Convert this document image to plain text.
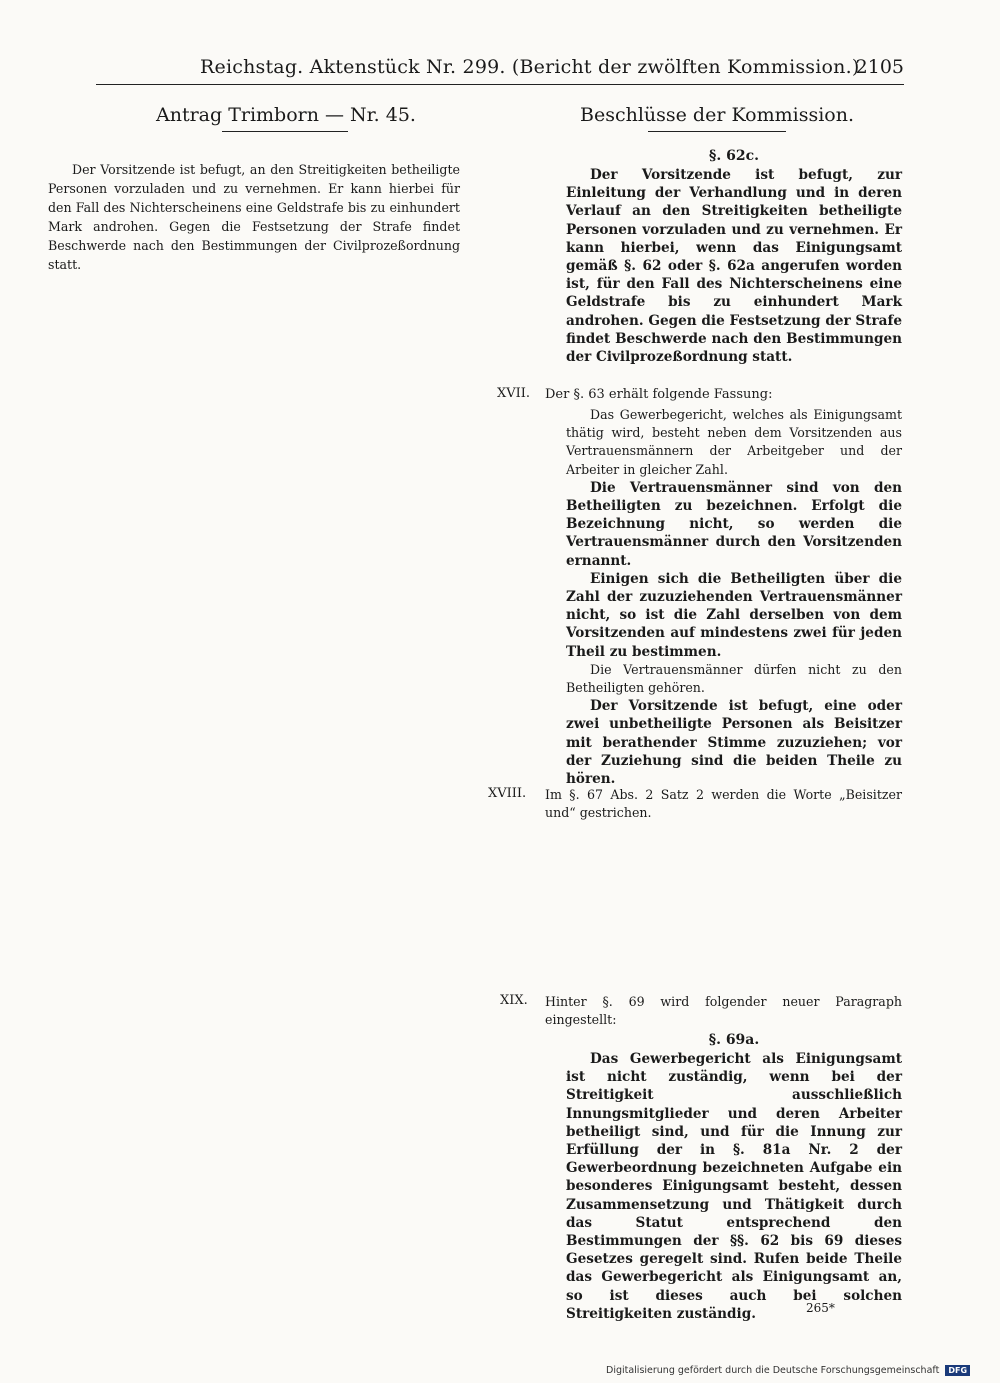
Reichstag. Aktenstück Nr. 299. (Bericht der zwölften Kommission.)
2105
Antrag Trimborn — Nr. 45.	Beschlüsse der Kommission.

Der Vorsitzende ist befugt, an den Streitigkeiten betheiligte Personen vorzuladen und zu vernehmen. Er kann hierbei für den Fall des Nichterscheinens eine Geldstrafe bis zu einhundert Mark androhen. Gegen die Festsetzung der Strafe findet Beschwerde nach den Bestimmungen der Civilprozeßordnung statt.

§. 62c.

Der Vorsitzende ist befugt, zur Einleitung der Verhandlung und in deren Verlauf an den Streitigkeiten betheiligte Personen vorzuladen und zu vernehmen. Er kann hierbei, wenn das Einigungsamt gemäß §. 62 oder §. 62a angerufen worden ist, für den Fall des Nichterscheinens eine Geldstrafe bis zu einhundert Mark androhen. Gegen die Festsetzung der Strafe findet Beschwerde nach den Bestimmungen der Civilprozeßordnung statt.

XVII. Der §. 63 erhält folgende Fassung:

Das Gewerbegericht, welches als Einigungsamt thätig wird, besteht neben dem Vorsitzenden aus Vertrauensmännern der Arbeitgeber und der Arbeiter in gleicher Zahl.

Die Vertrauensmänner sind von den Betheiligten zu bezeichnen. Erfolgt die Bezeichnung nicht, so werden die Vertrauensmänner durch den Vorsitzenden ernannt.

Einigen sich die Betheiligten über die Zahl der zuzuziehenden Vertrauensmänner nicht, so ist die Zahl derselben von dem Vorsitzenden auf mindestens zwei für jeden Theil zu bestimmen.

Die Vertrauensmänner dürfen nicht zu den Betheiligten gehören.

Der Vorsitzende ist befugt, eine oder zwei unbetheiligte Personen als Beisitzer mit berathender Stimme zuzuziehen; vor der Zuziehung sind die beiden Theile zu hören.

XVIII. Im §. 67 Abs. 2 Satz 2 werden die Worte „Beisitzer und“ gestrichen.

XIX. Hinter §. 69 wird folgender neuer Paragraph eingestellt:

§. 69a.

Das Gewerbegericht als Einigungsamt ist nicht zuständig, wenn bei der Streitigkeit ausschließlich Innungsmitglieder und deren Arbeiter betheiligt sind, und für die Innung zur Erfüllung der in §. 81a Nr. 2 der Gewerbeordnung bezeichneten Aufgabe ein besonderes Einigungsamt besteht, dessen Zusammensetzung und Thätigkeit durch das Statut entsprechend den Bestimmungen der §§. 62 bis 69 dieses Gesetzes geregelt sind. Rufen beide Theile das Gewerbegericht als Einigungsamt an, so ist dieses auch bei solchen Streitigkeiten zuständig.	265*
Digitalisierung gefördert durch die Deutsche Forschungsgemeinschaft DFG
